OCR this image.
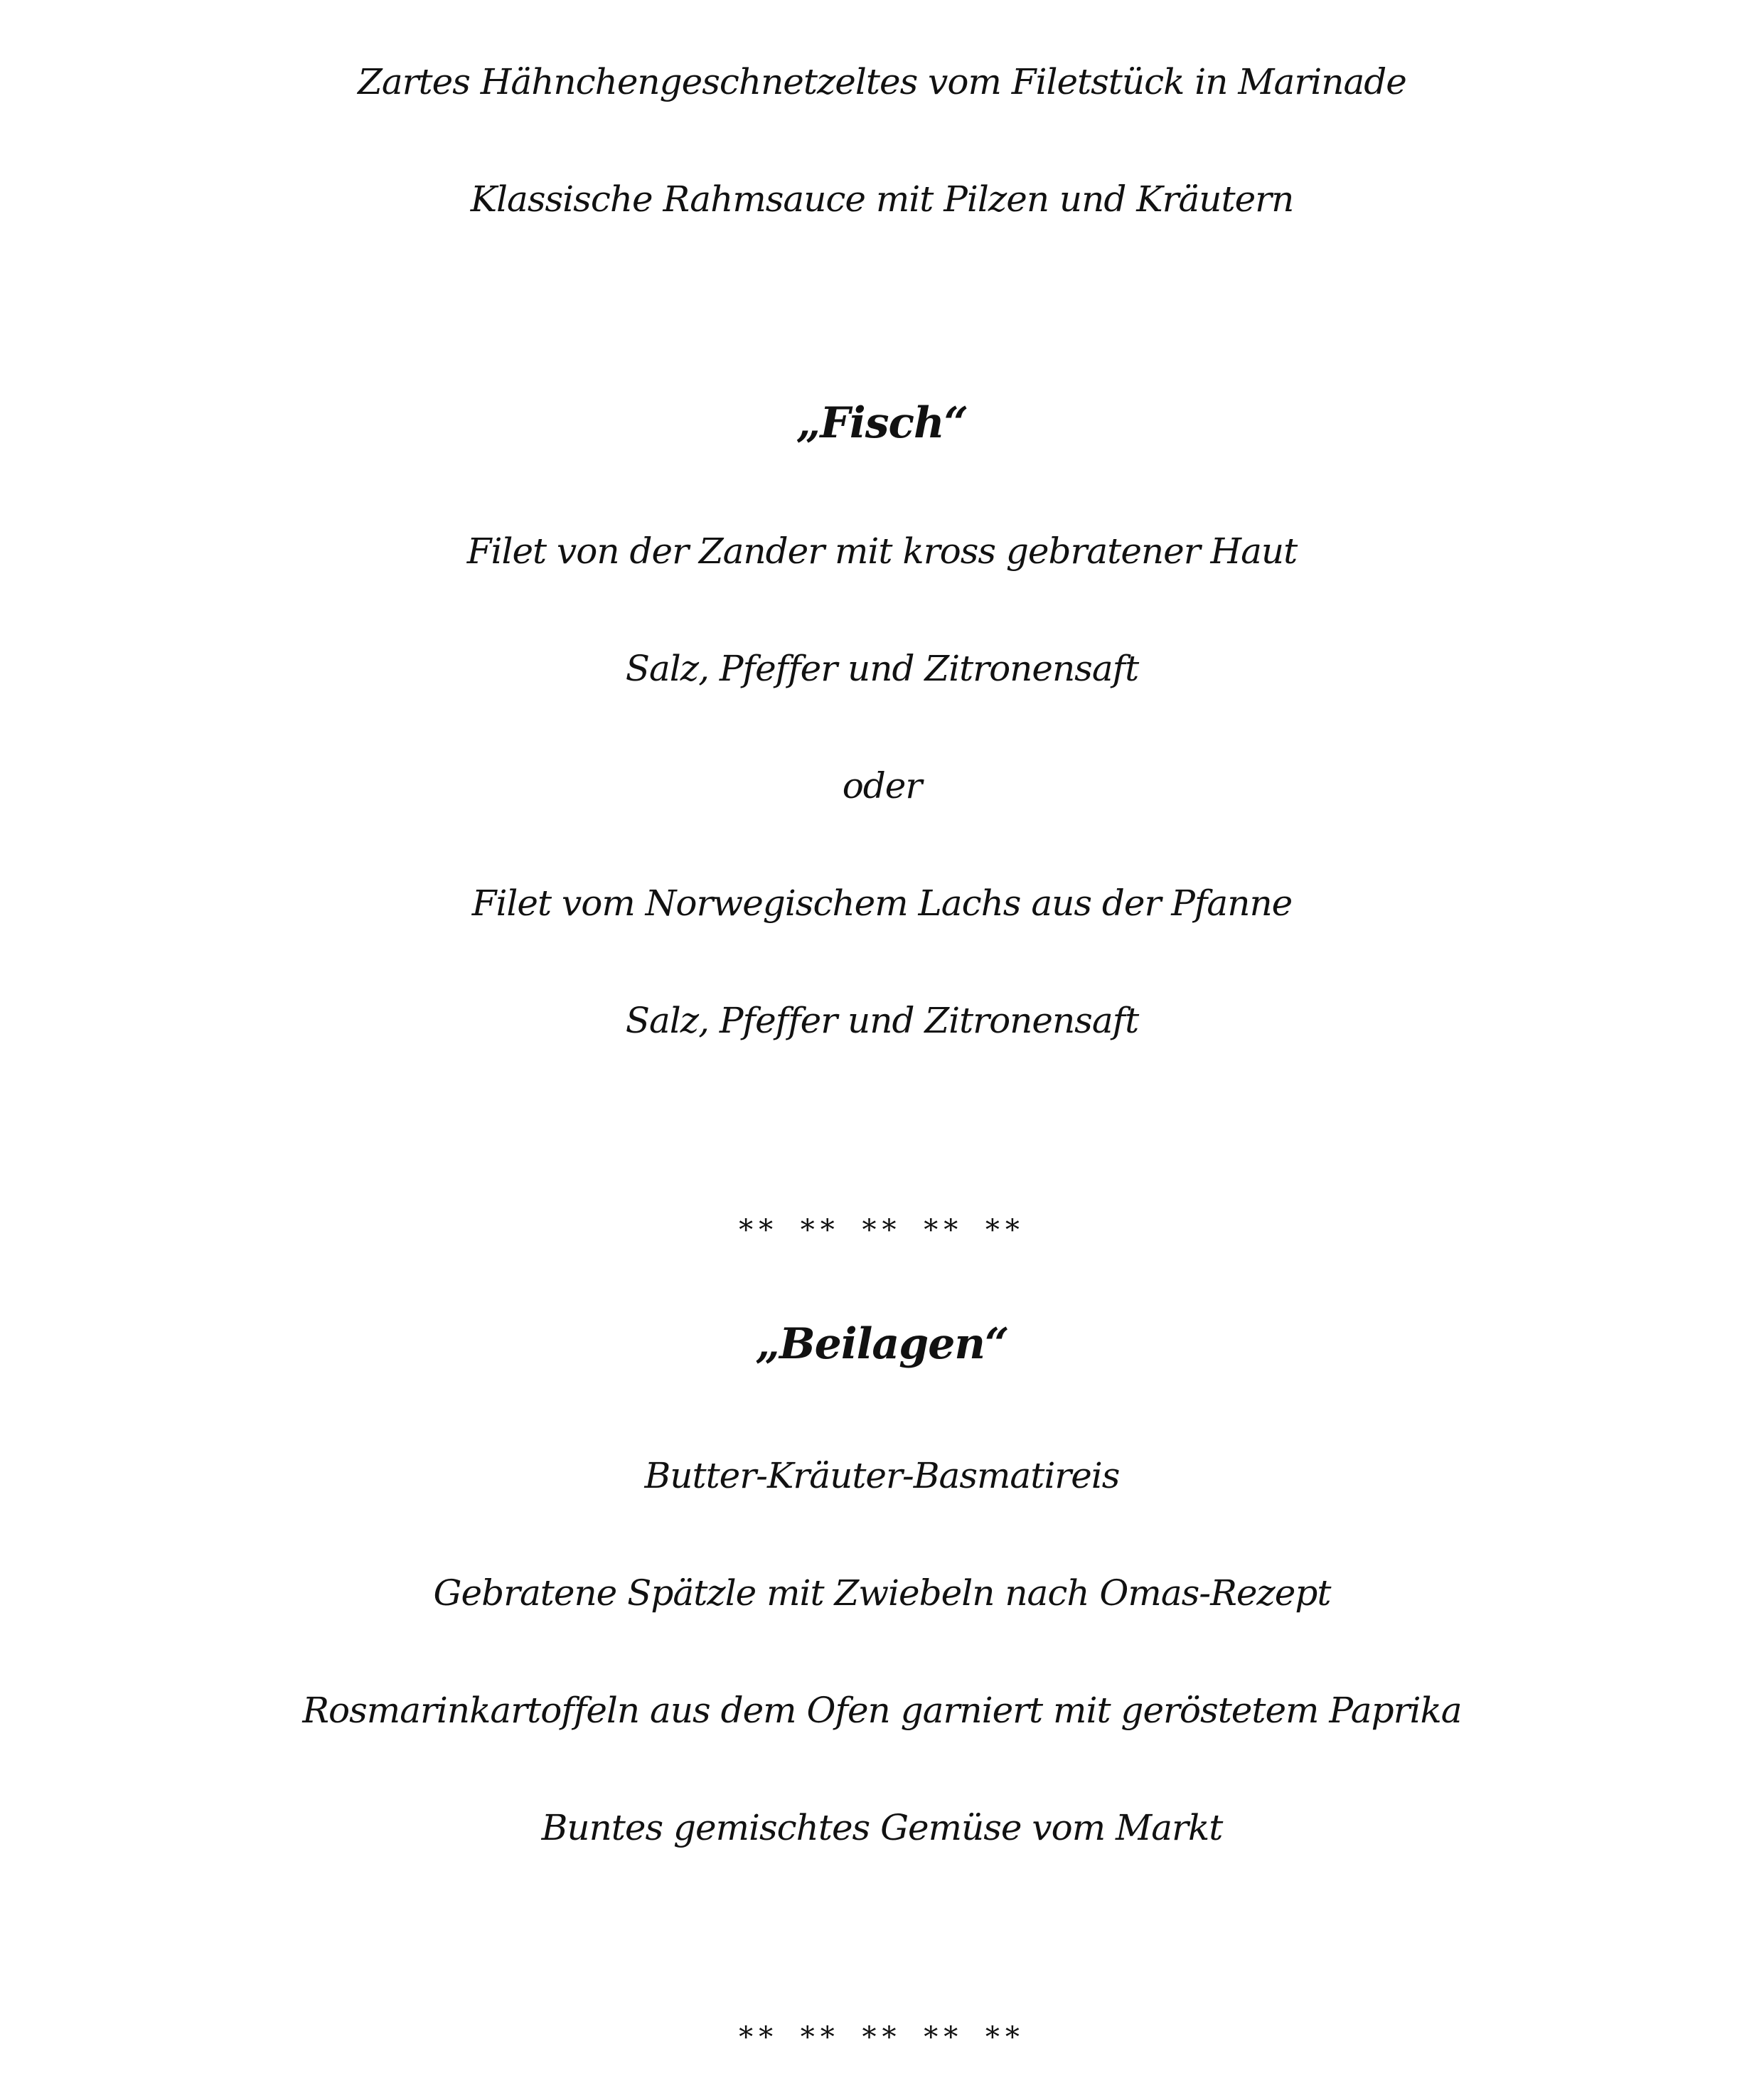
Zartes Hähnchengeschnetzeltes vom Filetstück in Marinade
Klassische Rahmsauce mit Pilzen und Kräutern
„Fisch“
Filet von der Zander mit kross gebratener Haut
Salz, Pfeffer und Zitronensaft
oder
Filet vom Norwegischem Lachs aus der Pfanne
Salz, Pfeffer und Zitronensaft
** ** ** ** **
„Beilagen“
Butter-Kräuter-Basmatireis
Gebratene Spätzle mit Zwiebeln nach Omas-Rezept
Rosmarinkartoffeln aus dem Ofen garniert mit geröstetem Paprika
Buntes gemischtes Gemüse vom Markt
** ** ** ** **
